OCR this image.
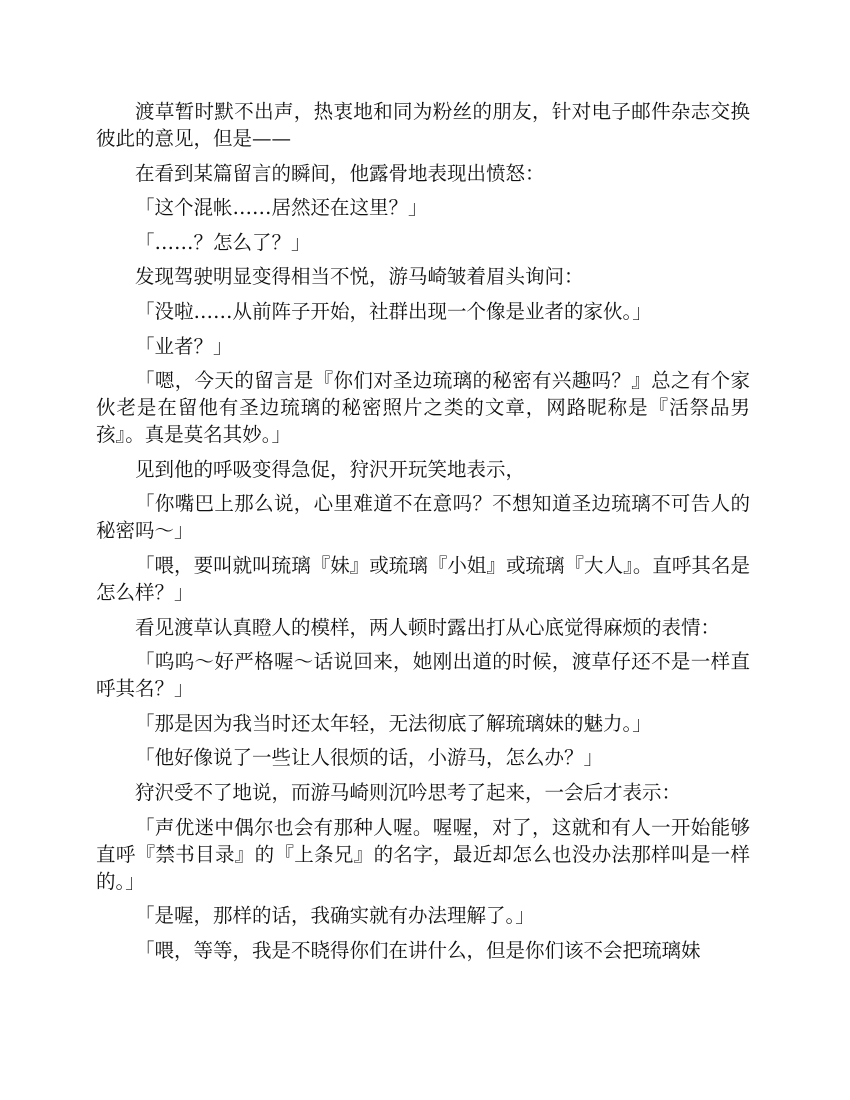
渡草暂时默不出声，热衷地和同为粉丝的朋友，针对电子邮件杂志交换彼此的意见，但是——

在看到某篇留言的瞬间，他露骨地表现出愤怒：

「这个混帐……居然还在这里？」

「……？怎么了？」

发现驾驶明显变得相当不悦，游马崎皱着眉头询问：

「没啦……从前阵子开始，社群出现一个像是业者的家伙。」

「业者？」

「嗯，今天的留言是『你们对圣边琉璃的秘密有兴趣吗？』总之有个家伙老是在留他有圣边琉璃的秘密照片之类的文章，网路昵称是『活祭品男孩』。真是莫名其妙。」

见到他的呼吸变得急促，狩沢开玩笑地表示，

「你嘴巴上那么说，心里难道不在意吗？不想知道圣边琉璃不可告人的秘密吗～」

「喂，要叫就叫琉璃『妹』或琉璃『小姐』或琉璃『大人』。直呼其名是怎么样？」

看见渡草认真瞪人的模样，两人顿时露出打从心底觉得麻烦的表情：

「呜呜～好严格喔～话说回来，她刚出道的时候，渡草仔还不是一样直呼其名？」

「那是因为我当时还太年轻，无法彻底了解琉璃妹的魅力。」

「他好像说了一些让人很烦的话，小游马，怎么办？」

狩沢受不了地说，而游马崎则沉吟思考了起来，一会后才表示：

「声优迷中偶尔也会有那种人喔。喔喔，对了，这就和有人一开始能够直呼『禁书目录』的『上条兄』的名字，最近却怎么也没办法那样叫是一样的。」

「是喔，那样的话，我确实就有办法理解了。」

「喂，等等，我是不晓得你们在讲什么，但是你们该不会把琉璃妹
